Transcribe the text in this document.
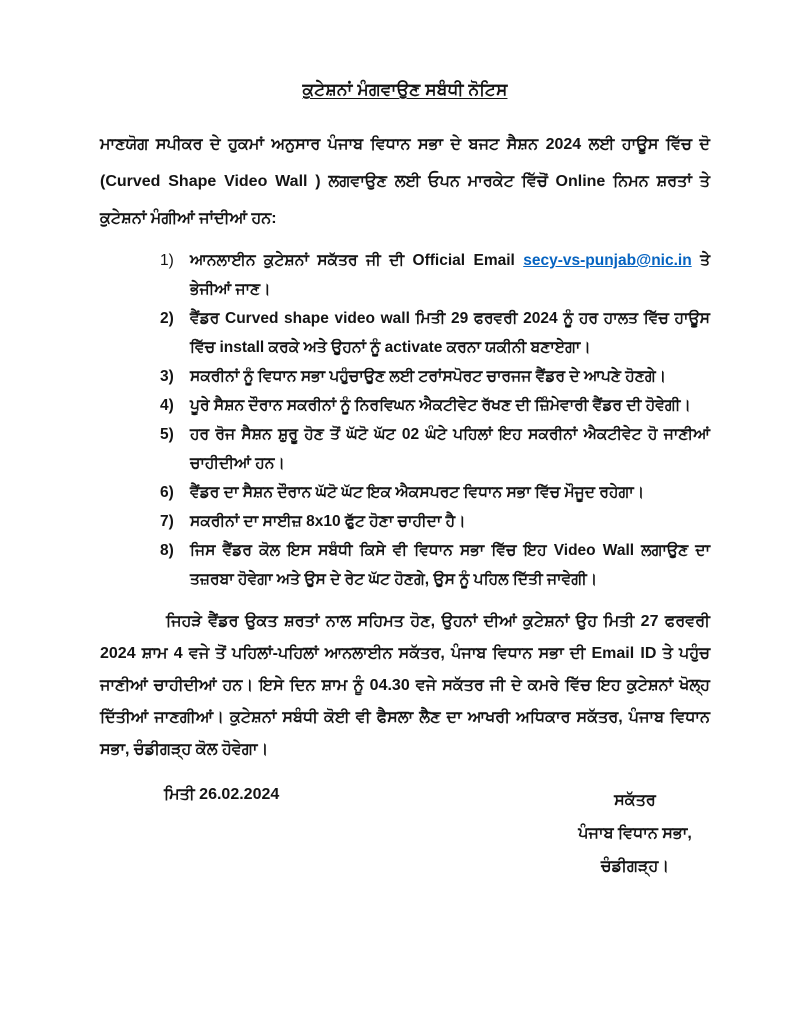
ਕੁਟੇਸ਼ਨਾਂ ਮੰਗਵਾਉਣ ਸਬੰਧੀ ਨੋਟਿਸ

ਮਾਣਯੋਗ ਸਪੀਕਰ ਦੇ ਹੁਕਮਾਂ ਅਨੁਸਾਰ ਪੰਜਾਬ ਵਿਧਾਨ ਸਭਾ ਦੇ ਬਜਟ ਸੈਸ਼ਨ 2024 ਲਈ ਹਾਊਸ ਵਿੱਚ ਦੋ (Curved Shape Video Wall ) ਲਗਵਾਉਣ ਲਈ ਓਪਨ ਮਾਰਕੇਟ ਵਿੱਚੋਂ Online ਨਿਮਨ ਸ਼ਰਤਾਂ ਤੇ ਕੁਟੇਸ਼ਨਾਂ ਮੰਗੀਆਂ ਜਾਂਦੀਆਂ ਹਨ:

1)	ਆਨਲਾਈਨ ਕੁਟੇਸ਼ਨਾਂ ਸਕੱਤਰ ਜੀ ਦੀ Official Email secy-vs-punjab@nic.in ਤੇ ਭੇਜੀਆਂ ਜਾਣ।
2)	ਵੈਂਡਰ Curved shape video wall ਮਿਤੀ 29 ਫਰਵਰੀ 2024 ਨੂੰ ਹਰ ਹਾਲਤ ਵਿੱਚ ਹਾਊਸ ਵਿੱਚ install ਕਰਕੇ ਅਤੇ ਉਹਨਾਂ ਨੂੰ activate ਕਰਨਾ ਯਕੀਨੀ ਬਣਾਏਗਾ।
3)	ਸਕਰੀਨਾਂ ਨੂੰ ਵਿਧਾਨ ਸਭਾ ਪਹੁੰਚਾਉਣ ਲਈ ਟਰਾਂਸਪੋਰਟ ਚਾਰਜਜ ਵੈਂਡਰ ਦੇ ਆਪਣੇ ਹੋਣਗੇ।
4)	ਪੂਰੇ ਸੈਸ਼ਨ ਦੌਰਾਨ ਸਕਰੀਨਾਂ ਨੂੰ ਨਿਰਵਿਘਨ ਐਕਟੀਵੇਟ ਰੱਖਣ ਦੀ ਜ਼ਿੰਮੇਵਾਰੀ ਵੈਂਡਰ ਦੀ ਹੋਵੇਗੀ।
5)	ਹਰ ਰੋਜ ਸੈਸ਼ਨ ਸ਼ੁਰੂ ਹੋਣ ਤੋਂ ਘੱਟੋ ਘੱਟ 02 ਘੰਟੇ ਪਹਿਲਾਂ ਇਹ ਸਕਰੀਨਾਂ ਐਕਟੀਵੇਟ ਹੋ ਜਾਣੀਆਂ ਚਾਹੀਦੀਆਂ ਹਨ।
6)	ਵੈਂਡਰ ਦਾ ਸੈਸ਼ਨ ਦੌਰਾਨ ਘੱਟੋ ਘੱਟ ਇਕ ਐਕਸਪਰਟ ਵਿਧਾਨ ਸਭਾ ਵਿੱਚ ਮੌਜੂਦ ਰਹੇਗਾ।
7)	ਸਕਰੀਨਾਂ ਦਾ ਸਾਈਜ਼ 8x10 ਫੁੱਟ ਹੋਣਾ ਚਾਹੀਦਾ ਹੈ।
8)	ਜਿਸ ਵੈਂਡਰ ਕੋਲ ਇਸ ਸਬੰਧੀ ਕਿਸੇ ਵੀ ਵਿਧਾਨ ਸਭਾ ਵਿੱਚ ਇਹ Video Wall ਲਗਾਉਣ ਦਾ ਤਜ਼ਰਬਾ ਹੋਵੇਗਾ ਅਤੇ ਉਸ ਦੇ ਰੇਟ ਘੱਟ ਹੋਣਗੇ, ਉਸ ਨੂੰ ਪਹਿਲ ਦਿੱਤੀ ਜਾਵੇਗੀ।

ਜਿਹੜੇ ਵੈਂਡਰ ਉਕਤ ਸ਼ਰਤਾਂ ਨਾਲ ਸਹਿਮਤ ਹੋਣ, ਉਹਨਾਂ ਦੀਆਂ ਕੁਟੇਸ਼ਨਾਂ ਉਹ ਮਿਤੀ 27 ਫਰਵਰੀ 2024 ਸ਼ਾਮ 4 ਵਜੇ ਤੋਂ ਪਹਿਲਾਂ-ਪਹਿਲਾਂ ਆਨਲਾਈਨ ਸਕੱਤਰ, ਪੰਜਾਬ ਵਿਧਾਨ ਸਭਾ ਦੀ Email ID ਤੇ ਪਹੁੰਚ ਜਾਣੀਆਂ ਚਾਹੀਦੀਆਂ ਹਨ। ਇਸੇ ਦਿਨ ਸ਼ਾਮ ਨੂੰ 04.30 ਵਜੇ ਸਕੱਤਰ ਜੀ ਦੇ ਕਮਰੇ ਵਿੱਚ ਇਹ ਕੁਟੇਸ਼ਨਾਂ ਖੋਲ੍ਹ ਦਿੱਤੀਆਂ ਜਾਣਗੀਆਂ। ਕੁਟੇਸ਼ਨਾਂ ਸਬੰਧੀ ਕੋਈ ਵੀ ਫੈਸਲਾ ਲੈਣ ਦਾ ਆਖਰੀ ਅਧਿਕਾਰ ਸਕੱਤਰ, ਪੰਜਾਬ ਵਿਧਾਨ ਸਭਾ, ਚੰਡੀਗੜ੍ਹ ਕੋਲ ਹੋਵੇਗਾ।

ਮਿਤੀ 26.02.2024	ਸਕੱਤਰ
ਪੰਜਾਬ ਵਿਧਾਨ ਸਭਾ,
ਚੰਡੀਗੜ੍ਹ।
